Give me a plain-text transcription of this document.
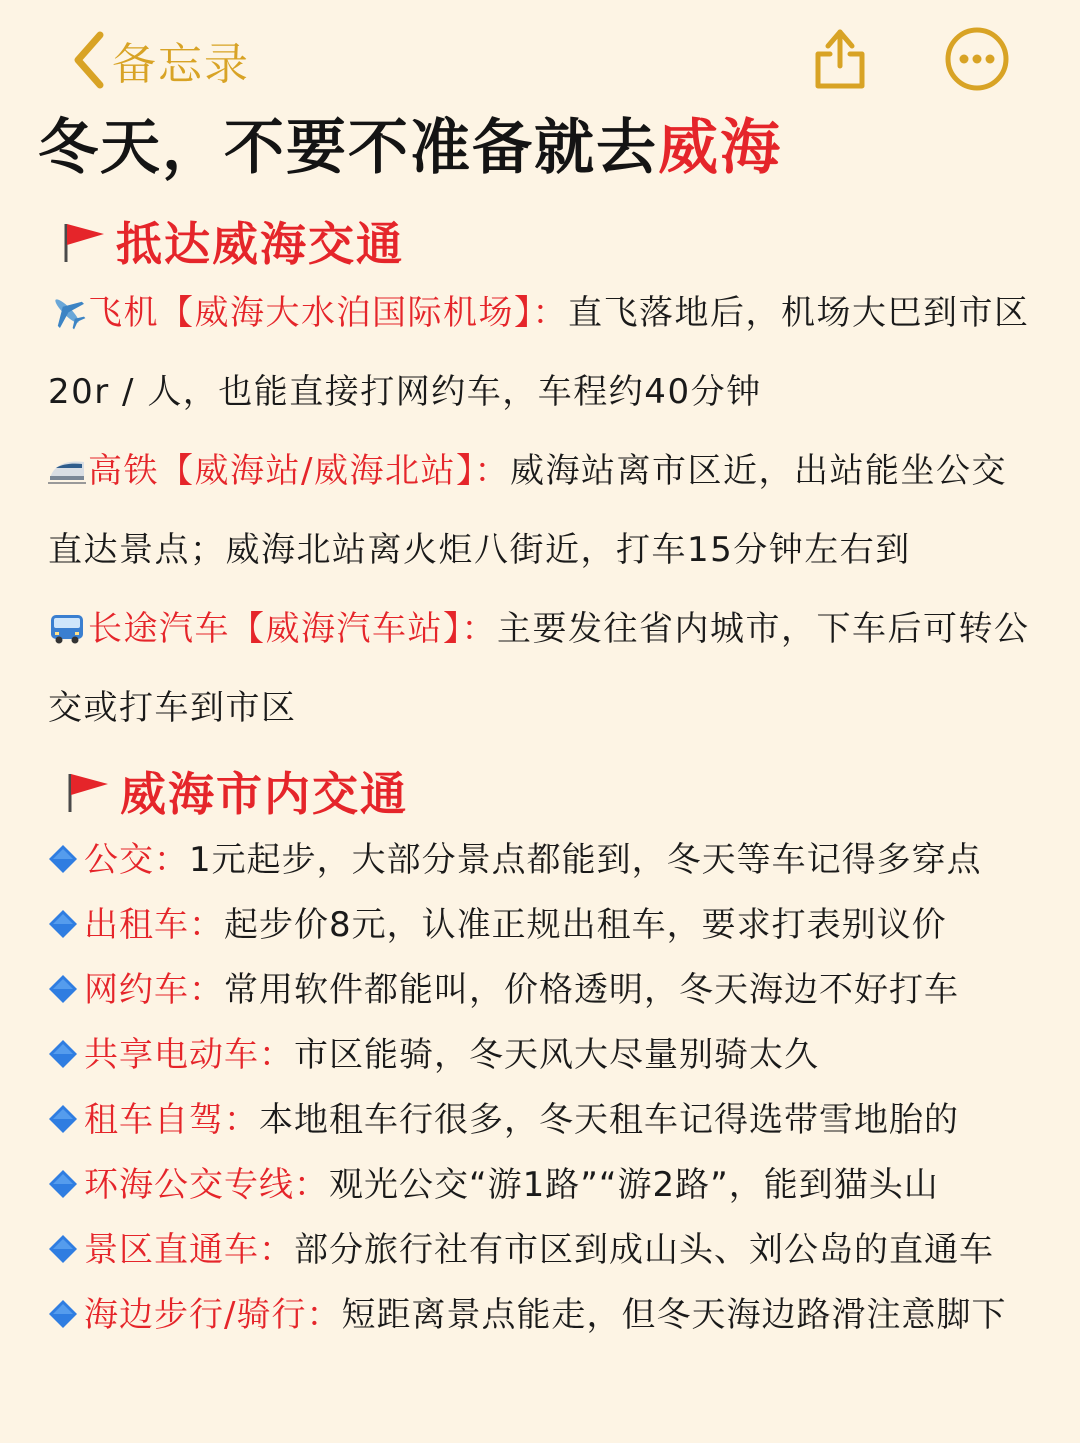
备忘录
冬天，不要不准备就去威海
抵达威海交通
飞机【威海大水泊国际机场】：直飞落地后，机场大巴到市区20r / 人，也能直接打网约车，车程约40分钟
高铁【威海站/威海北站】：威海站离市区近，出站能坐公交直达景点；威海北站离火炬八街近，打车15分钟左右到
长途汽车【威海汽车站】：主要发往省内城市，下车后可转公交或打车到市区
威海市内交通
公交：1元起步，大部分景点都能到，冬天等车记得多穿点
出租车：起步价8元，认准正规出租车，要求打表别议价
网约车：常用软件都能叫，价格透明，冬天海边不好打车
共享电动车：市区能骑，冬天风大尽量别骑太久
租车自驾：本地租车行很多，冬天租车记得选带雪地胎的
环海公交专线：观光公交“游1路”“游2路”，能到猫头山
景区直通车：部分旅行社有市区到成山头、刘公岛的直通车
海边步行/骑行：短距离景点能走，但冬天海边路滑注意脚下
